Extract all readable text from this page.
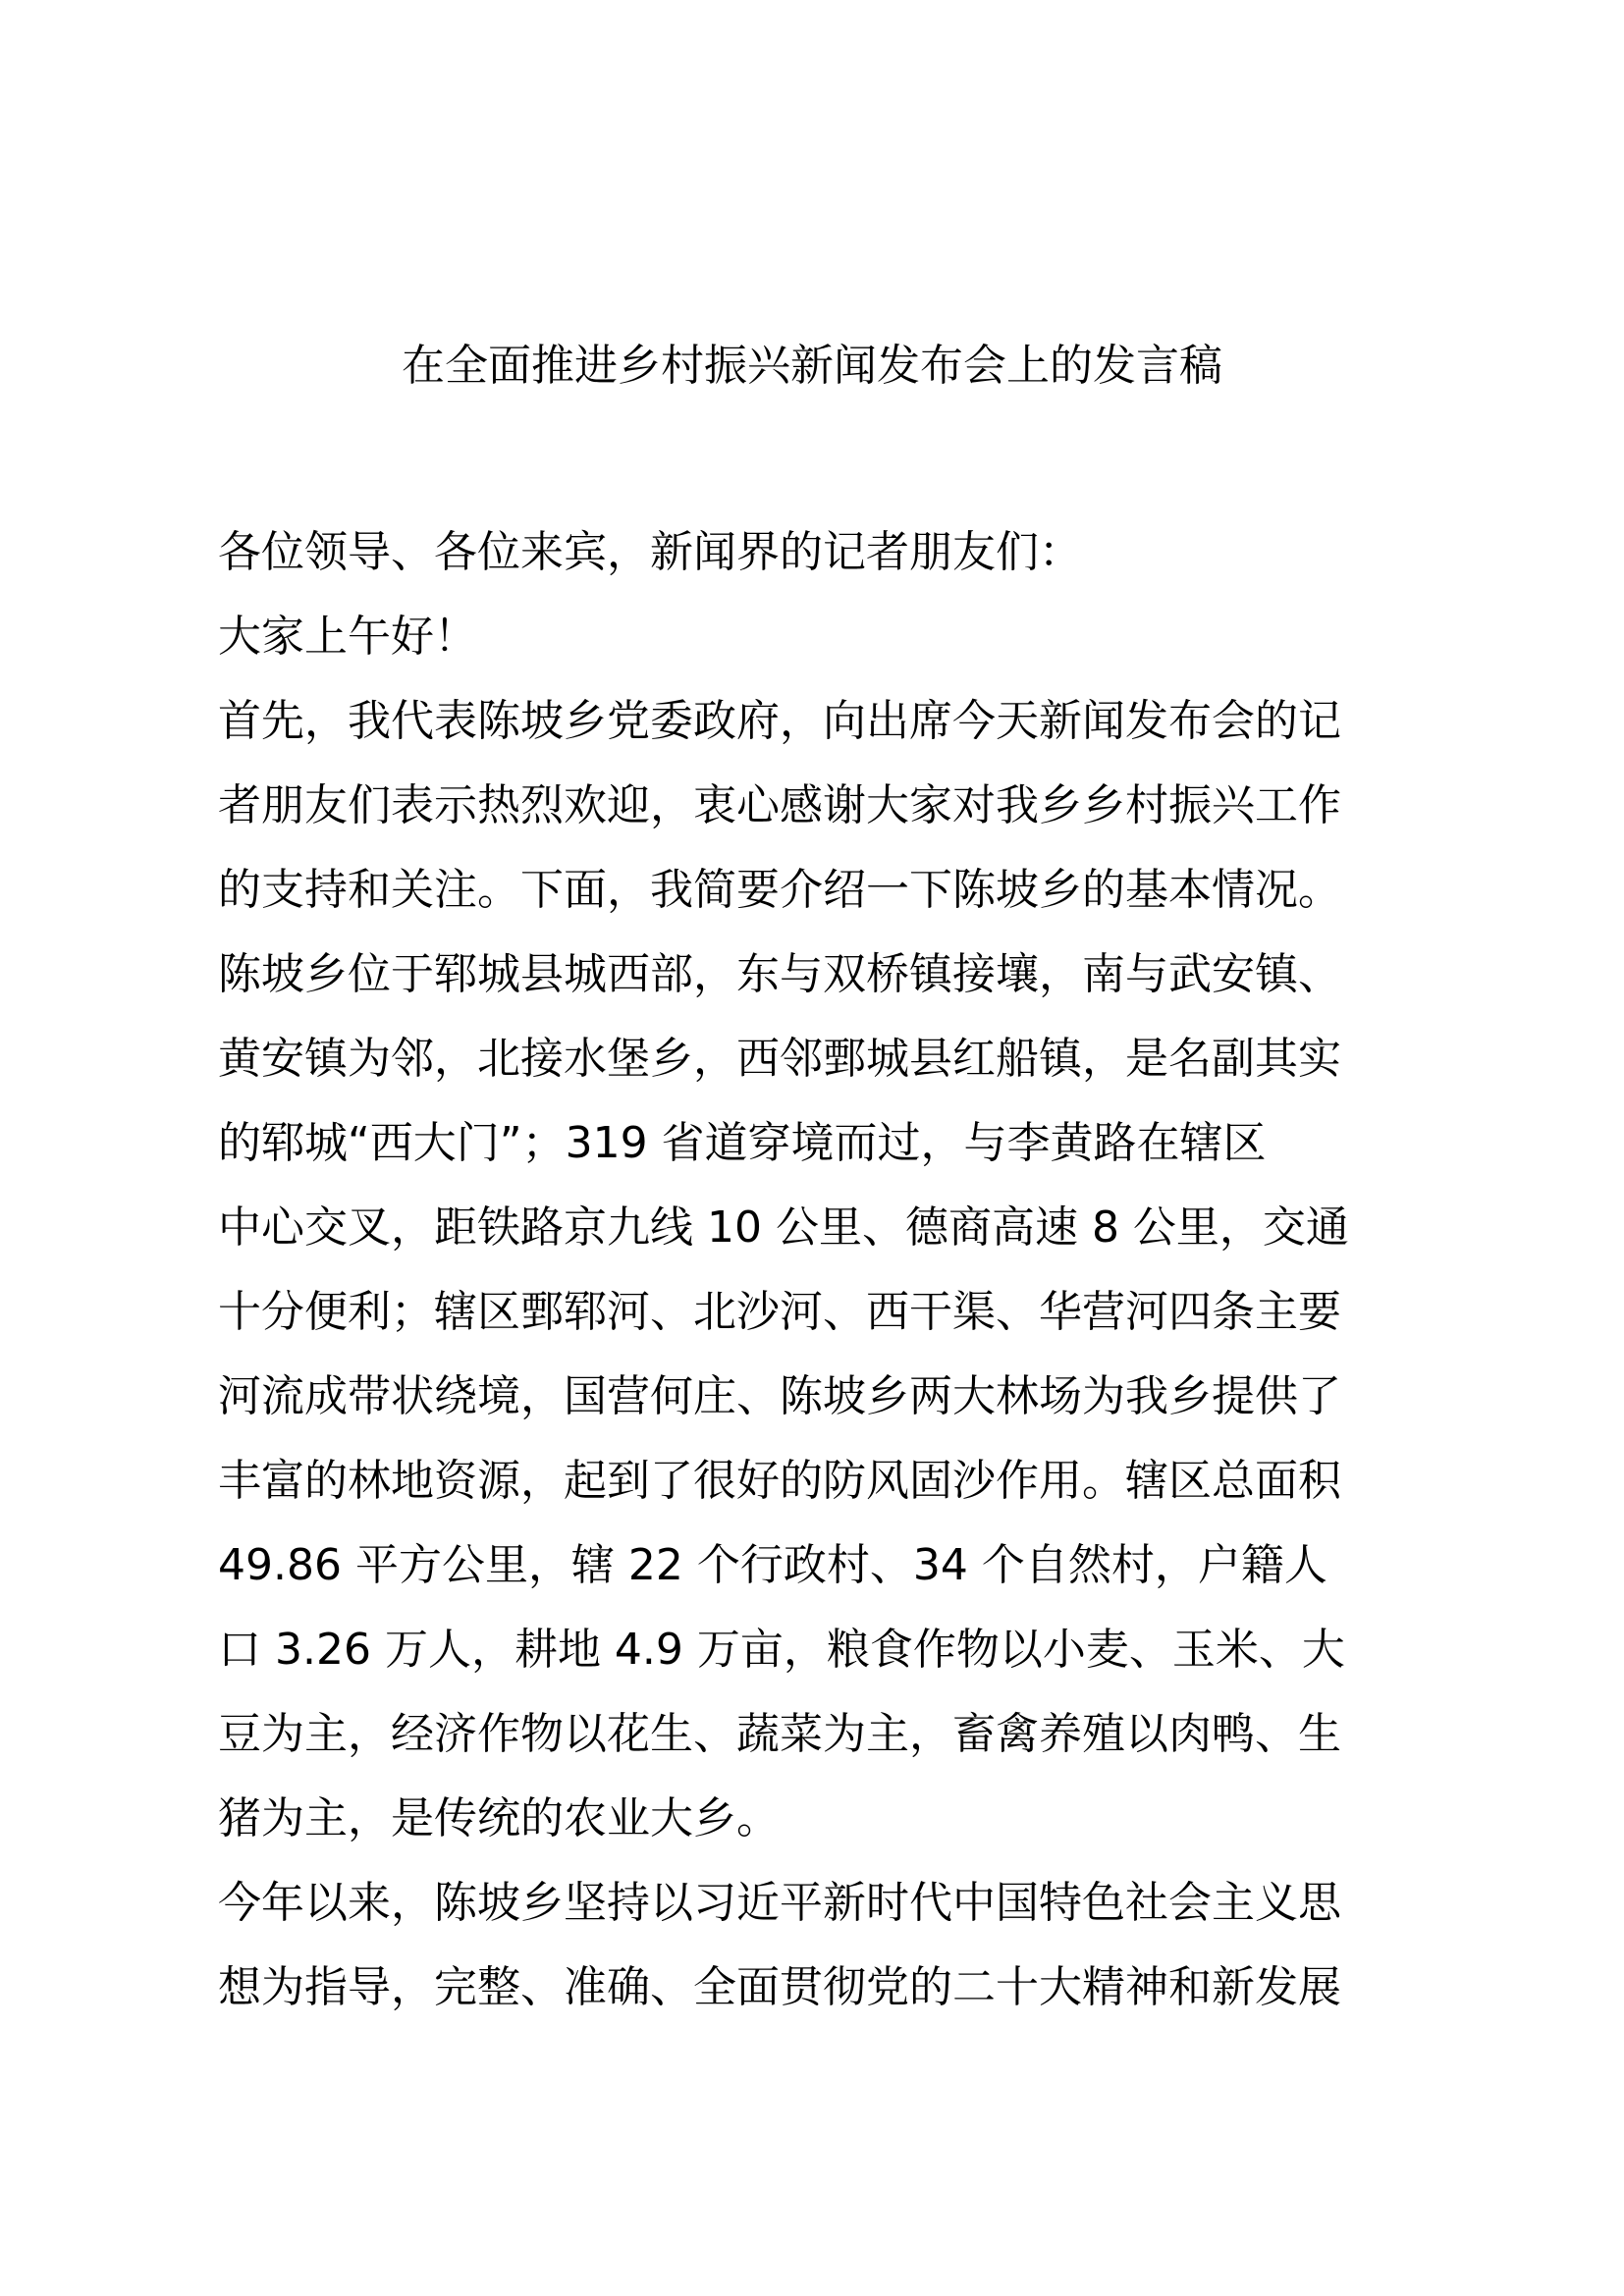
在全面推进乡村振兴新闻发布会上的发言稿
各位领导、各位来宾，新闻界的记者朋友们：
大家上午好！
首先，我代表陈坡乡党委政府，向出席今天新闻发布会的记
者朋友们表示热烈欢迎，衷心感谢大家对我乡乡村振兴工作
的支持和关注。下面，我简要介绍一下陈坡乡的基本情况。
陈坡乡位于郓城县城西部，东与双桥镇接壤，南与武安镇、
黄安镇为邻，北接水堡乡，西邻鄄城县红船镇，是名副其实
的郓城“西大门”；319 省道穿境而过，与李黄路在辖区
中心交叉，距铁路京九线 10 公里、德商高速 8 公里，交通
十分便利；辖区鄄郓河、北沙河、西干渠、华营河四条主要
河流成带状绕境，国营何庄、陈坡乡两大林场为我乡提供了
丰富的林地资源，起到了很好的防风固沙作用。辖区总面积
49.86 平方公里，辖 22 个行政村、34 个自然村，户籍人
口 3.26 万人，耕地 4.9 万亩，粮食作物以小麦、玉米、大
豆为主，经济作物以花生、蔬菜为主，畜禽养殖以肉鸭、生
猪为主，是传统的农业大乡。
今年以来，陈坡乡坚持以习近平新时代中国特色社会主义思
想为指导，完整、准确、全面贯彻党的二十大精神和新发展
